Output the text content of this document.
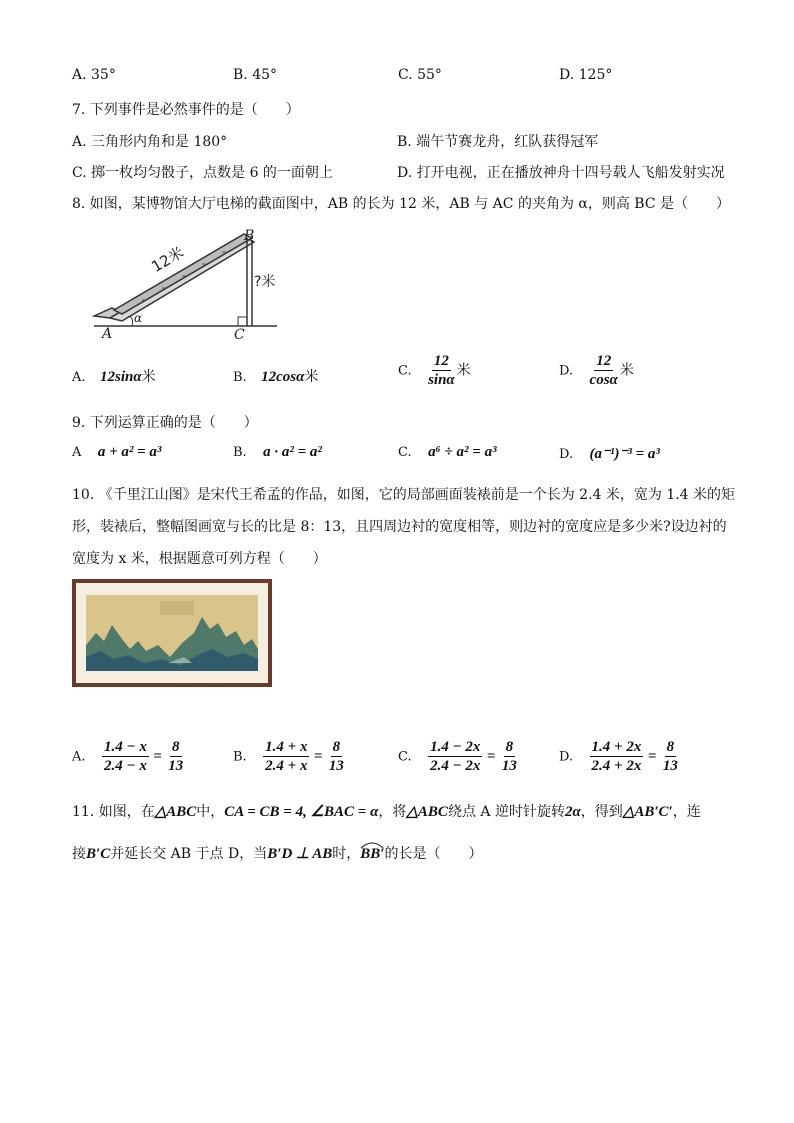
A. 35°	B. 45°	C. 55°	D. 125°
7. 下列事件是必然事件的是（　　）
A. 三角形内角和是 180°	B. 端午节赛龙舟，红队获得冠军
C. 掷一枚均匀骰子，点数是 6 的一面朝上	D. 打开电视，正在播放神舟十四号载人飞船发射实况
8. 如图，某博物馆大厅电梯的截面图中，AB 的长为 12 米，AB 与 AC 的夹角为 α，则高 BC 是（　　）
12米
?米
A
B
C
α
A. 12sinα米	B. 12cosα米	C. $\frac{12}{\sin\alpha}$ 米	D. $\frac{12}{\cos\alpha}$ 米
9. 下列运算正确的是（　　）
A a + a² = a³	B. a · a² = a²	C. a⁶ ÷ a² = a³	D. (a⁻¹)⁻³ = a³
10. 《千里江山图》是宋代王希孟的作品，如图，它的局部画面装裱前是一个长为 2.4 米，宽为 1.4 米的矩
形，装裱后，整幅图画宽与长的比是 8：13，且四周边衬的宽度相等，则边衬的宽度应是多少米?设边衬的
宽度为 x 米，根据题意可列方程（　　）
A. $\frac{1.4 - x}{2.4 - x} = \frac{8}{13}$	B. $\frac{1.4 + x}{2.4 + x} = \frac{8}{13}$	C. $\frac{1.4 - 2x}{2.4 - 2x} = \frac{8}{13}$	D. $\frac{1.4 + 2x}{2.4 + 2x} = \frac{8}{13}$
11. 如图，在△ABC中，CA = CB = 4, ∠BAC = α，将△ABC绕点 A 逆时针旋转2α，得到△AB′C′，连
接B′C并延长交 AB 于点 D，当B′D ⊥ AB时，BB′
的长是（　　）
